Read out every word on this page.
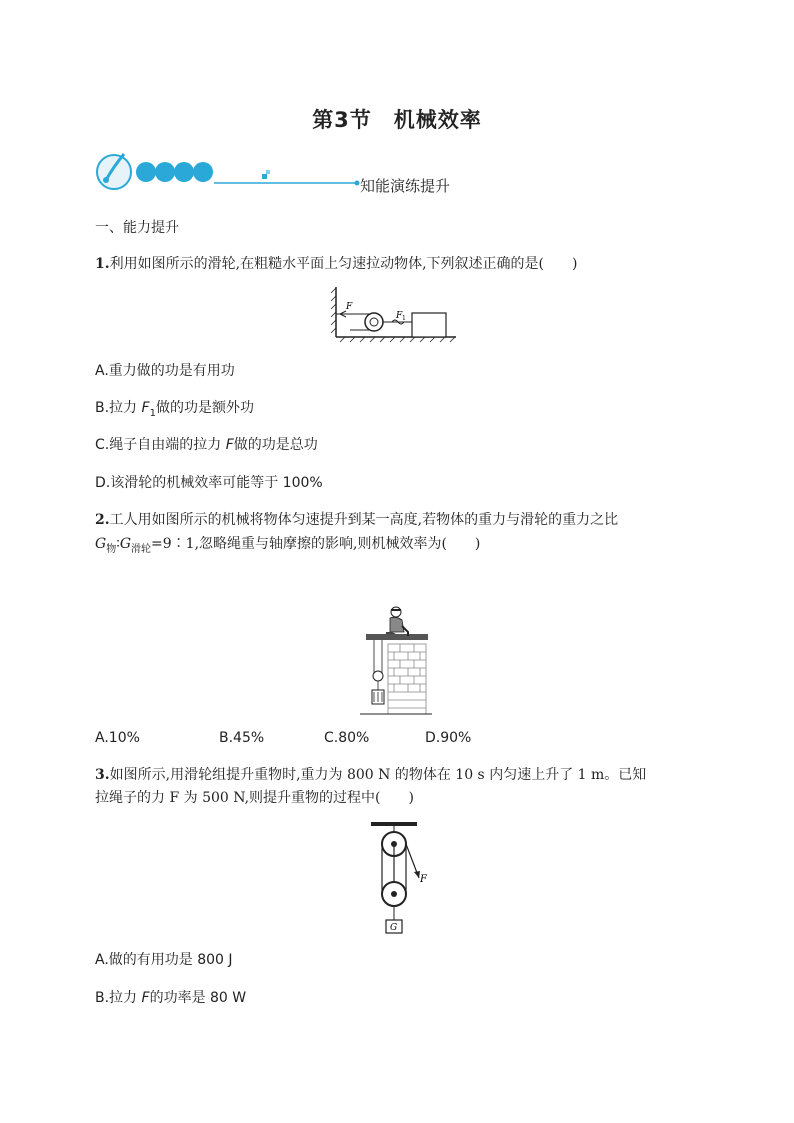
第3节　机械效率
知能演练提升
一、能力提升
1.利用如图所示的滑轮,在粗糙水平面上匀速拉动物体,下列叙述正确的是(　　)
F
F 1
A.重力做的功是有用功
B.拉力 $F_1$做的功是额外功
C.绳子自由端的拉力 F做的功是总功
D.该滑轮的机械效率可能等于 100%
2.工人用如图所示的机械将物体匀速提升到某一高度,若物体的重力与滑轮的重力之比
$G_物∶G_{滑轮}=9∶1$,忽略绳重与轴摩擦的影响,则机械效率为(　　)
A.10%	B.45%	C.80%	D.90%
3.如图所示,用滑轮组提升重物时,重力为 800 N 的物体在 10 s 内匀速上升了 1 m。已知
拉绳子的力 F 为 500 N,则提升重物的过程中(　　)
F
G
A.做的有用功是 800 J
B.拉力 F的功率是 80 W
